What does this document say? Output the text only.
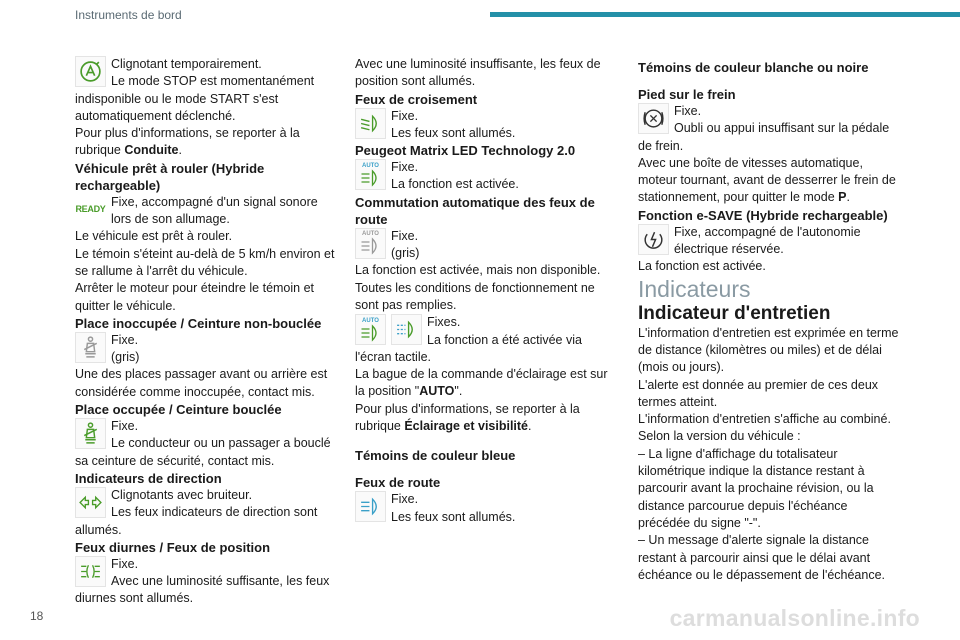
Instruments de bord

Clignotant temporairement.

Le mode STOP est momentanément indisponible ou le mode START s'est automatiquement déclenché.

Pour plus d'informations, se reporter à la rubrique Conduite.

Véhicule prêt à rouler (Hybride rechargeable)

READY Fixe, accompagné d'un signal sonore lors de son allumage.

Le véhicule est prêt à rouler.

Le témoin s'éteint au-delà de 5 km/h environ et se rallume à l'arrêt du véhicule.

Arrêter le moteur pour éteindre le témoin et quitter le véhicule.

Place inoccupée / Ceinture non-bouclée

Fixe.

(gris)

Une des places passager avant ou arrière est considérée comme inoccupée, contact mis.

Place occupée / Ceinture bouclée

Fixe.

Le conducteur ou un passager a bouclé sa ceinture de sécurité, contact mis.

Indicateurs de direction

Clignotants avec bruiteur.

Les feux indicateurs de direction sont allumés.

Feux diurnes / Feux de position

Fixe.

Avec une luminosité suffisante, les feux diurnes sont allumés.

Avec une luminosité insuffisante, les feux de position sont allumés.

Feux de croisement

Fixe.

Les feux sont allumés.

Peugeot Matrix LED Technology 2.0

AUTO Fixe.

La fonction est activée.

Commutation automatique des feux de route

AUTO Fixe.

(gris)

La fonction est activée, mais non disponible.

Toutes les conditions de fonctionnement ne sont pas remplies.

AUTO	Fixes.

La fonction a été activée via l'écran tactile.

La bague de la commande d'éclairage est sur la position "AUTO".

Pour plus d'informations, se reporter à la rubrique Éclairage et visibilité.

Témoins de couleur bleue

Feux de route

Fixe.

Les feux sont allumés.

Témoins de couleur blanche ou noire

Pied sur le frein

Fixe.

Oubli ou appui insuffisant sur la pédale de frein.

Avec une boîte de vitesses automatique, moteur tournant, avant de desserrer le frein de stationnement, pour quitter le mode P.

Fonction e-SAVE (Hybride rechargeable)

Fixe, accompagné de l'autonomie électrique réservée.

La fonction est activée.

Indicateurs

Indicateur d'entretien

L'information d'entretien est exprimée en terme de distance (kilomètres ou miles) et de délai (mois ou jours).

L'alerte est donnée au premier de ces deux termes atteint.

L'information d'entretien s'affiche au combiné. Selon la version du véhicule :

– La ligne d'affichage du totalisateur kilométrique indique la distance restant à parcourir avant la prochaine révision, ou la distance parcourue depuis l'échéance précédée du signe "-".

– Un message d'alerte signale la distance restant à parcourir ainsi que le délai avant échéance ou le dépassement de l'échéance.

18	carmanualsonline.info
